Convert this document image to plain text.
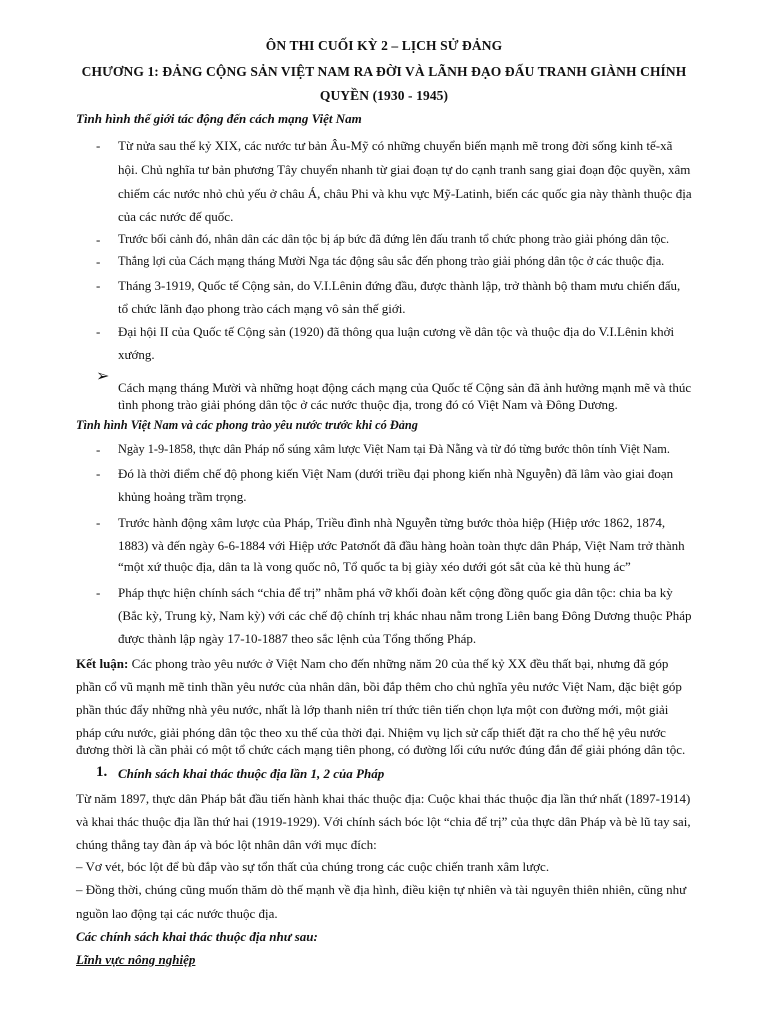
ÔN THI CUỐI KỲ 2 – LỊCH SỬ ĐẢNG
CHƯƠNG 1: ĐẢNG CỘNG SẢN VIỆT NAM RA ĐỜI VÀ LÃNH ĐẠO ĐẤU TRANH GIÀNH CHÍNH
QUYỀN (1930 - 1945)
Tình hình thế giới tác động đến cách mạng Việt Nam
- Từ nửa sau thế kỷ XIX, các nước tư bản Âu-Mỹ có những chuyển biến mạnh mẽ trong đời sống kinh tế-xã
hội. Chủ nghĩa tư bản phương Tây chuyển nhanh từ giai đoạn tự do cạnh tranh sang giai đoạn độc quyền, xâm
chiếm các nước nhỏ chủ yếu ở châu Á, châu Phi và khu vực Mỹ-Latinh, biến các quốc gia này thành thuộc địa
của các nước đế quốc.
- Trước bối cảnh đó, nhân dân các dân tộc bị áp bức đã đứng lên đấu tranh tổ chức phong trào giải phóng dân tộc.
- Thắng lợi của Cách mạng tháng Mười Nga tác động sâu sắc đến phong trào giải phóng dân tộc ở các thuộc địa.
- Tháng 3-1919, Quốc tế Cộng sản, do V.I.Lênin đứng đầu, được thành lập, trở thành bộ tham mưu chiến đấu,
tổ chức lãnh đạo phong trào cách mạng vô sản thế giới.
- Đại hội II của Quốc tế Cộng sản (1920) đã thông qua luận cương về dân tộc và thuộc địa do V.I.Lênin khởi
xướng.
➢
Cách mạng tháng Mười và những hoạt động cách mạng của Quốc tế Cộng sản đã ảnh hưởng mạnh mẽ và thúc
tình phong trào giải phóng dân tộc ở các nước thuộc địa, trong đó có Việt Nam và Đông Dương.
Tình hình Việt Nam và các phong trào yêu nước trước khi có Đảng
- Ngày 1-9-1858, thực dân Pháp nổ súng xâm lược Việt Nam tại Đà Nẵng và từ đó từng bước thôn tính Việt Nam.
- Đó là thời điểm chế độ phong kiến Việt Nam (dưới triều đại phong kiến nhà Nguyễn) đã lâm vào giai đoạn
khủng hoảng trầm trọng.
- Trước hành động xâm lược của Pháp, Triều đình nhà Nguyễn từng bước thỏa hiệp (Hiệp ước 1862, 1874,
1883) và đến ngày 6-6-1884 với Hiệp ước Patơnốt đã đầu hàng hoàn toàn thực dân Pháp, Việt Nam trở thành
“một xứ thuộc địa, dân ta là vong quốc nô, Tổ quốc ta bị giày xéo dưới gót sắt của kẻ thù hung ác”
- Pháp thực hiện chính sách “chia để trị” nhằm phá vỡ khối đoàn kết cộng đồng quốc gia dân tộc: chia ba kỳ
(Bắc kỳ, Trung kỳ, Nam kỳ) với các chế độ chính trị khác nhau nằm trong Liên bang Đông Dương thuộc Pháp
được thành lập ngày 17-10-1887 theo sắc lệnh của Tổng thống Pháp.
Kết luận: Các phong trào yêu nước ở Việt Nam cho đến những năm 20 của thế kỷ XX đều thất bại, nhưng đã góp
phần cổ vũ mạnh mẽ tinh thần yêu nước của nhân dân, bồi đắp thêm cho chủ nghĩa yêu nước Việt Nam, đặc biệt góp
phần thúc đẩy những nhà yêu nước, nhất là lớp thanh niên trí thức tiên tiến chọn lựa một con đường mới, một giải
pháp cứu nước, giải phóng dân tộc theo xu thế của thời đại. Nhiệm vụ lịch sử cấp thiết đặt ra cho thế hệ yêu nước
đương thời là cần phải có một tổ chức cách mạng tiên phong, có đường lối cứu nước đúng đắn để giải phóng dân tộc.
1. Chính sách khai thác thuộc địa lần 1, 2 của Pháp
Từ năm 1897, thực dân Pháp bắt đầu tiến hành khai thác thuộc địa: Cuộc khai thác thuộc địa lần thứ nhất (1897-1914)
và khai thác thuộc địa lần thứ hai (1919-1929). Với chính sách bóc lột “chia để trị” của thực dân Pháp và bè lũ tay sai,
chúng thẳng tay đàn áp và bóc lột nhân dân với mục đích:
– Vơ vét, bóc lột để bù đắp vào sự tổn thất của chúng trong các cuộc chiến tranh xâm lược.
– Đồng thời, chúng cũng muốn thăm dò thế mạnh về địa hình, điều kiện tự nhiên và tài nguyên thiên nhiên, cũng như
nguồn lao động tại các nước thuộc địa.
Các chính sách khai thác thuộc địa như sau:
Lĩnh vực nông nghiệp
